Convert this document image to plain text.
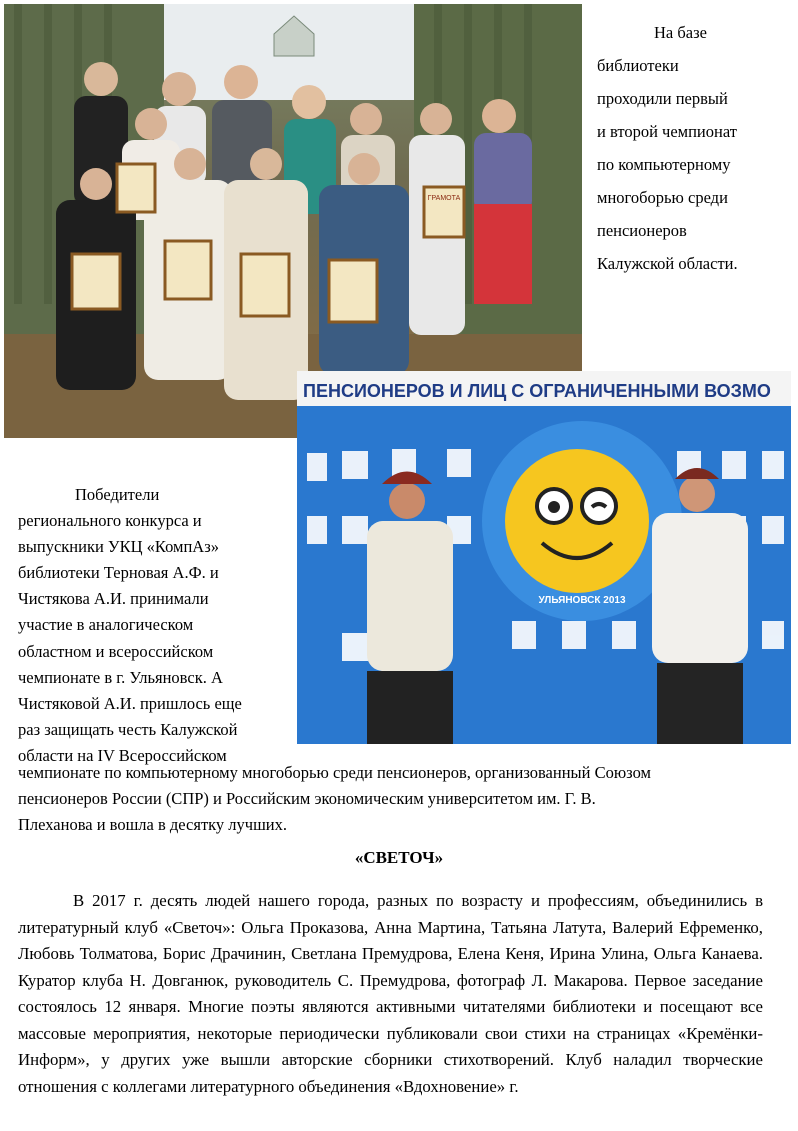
ГРАМОТА
На базе
библиотеки
проходили первый
и второй чемпионат
по компьютерному
многоборью среди
пенсионеров
Калужской области.
ПЕНСИОНЕРОВ И ЛИЦ С ОГРАНИЧЕННЫМИ ВОЗМО
УЛЬЯНОВСК 2013
Победители
регионального конкурса и
выпускники УКЦ «КомпАз»
библиотеки Терновая А.Ф. и
Чистякова А.И. принимали
участие в аналогическом
областном и всероссийском
чемпионате в г. Ульяновск. А
Чистяковой А.И. пришлось еще
раз защищать честь Калужской
области на IV Всероссийском
чемпионате по компьютерному многоборью среди пенсионеров, организованный Союзом
пенсионеров России (СПР) и Российским экономическим университетом им. Г. В.
Плеханова и вошла в десятку лучших.
«СВЕТОЧ»
В 2017 г. десять людей нашего города, разных по возрасту и профессиям, объединились в литературный клуб «Светоч»: Ольга Проказова, Анна Мартина, Татьяна Латута, Валерий Ефременко, Любовь Толматова, Борис Драчинин, Светлана Премудрова, Елена Кеня, Ирина Улина, Ольга Канаева. Куратор клуба Н. Довганюк, руководитель С. Премудрова, фотограф Л. Макарова. Первое заседание состоялось 12 января. Многие поэты являются активными читателями библиотеки и посещают все массовые мероприятия, некоторые периодически публиковали свои стихи на страницах «Кремёнки-Информ», у других уже вышли авторские сборники стихотворений. Клуб наладил творческие отношения с коллегами литературного объединения «Вдохновение» г.
